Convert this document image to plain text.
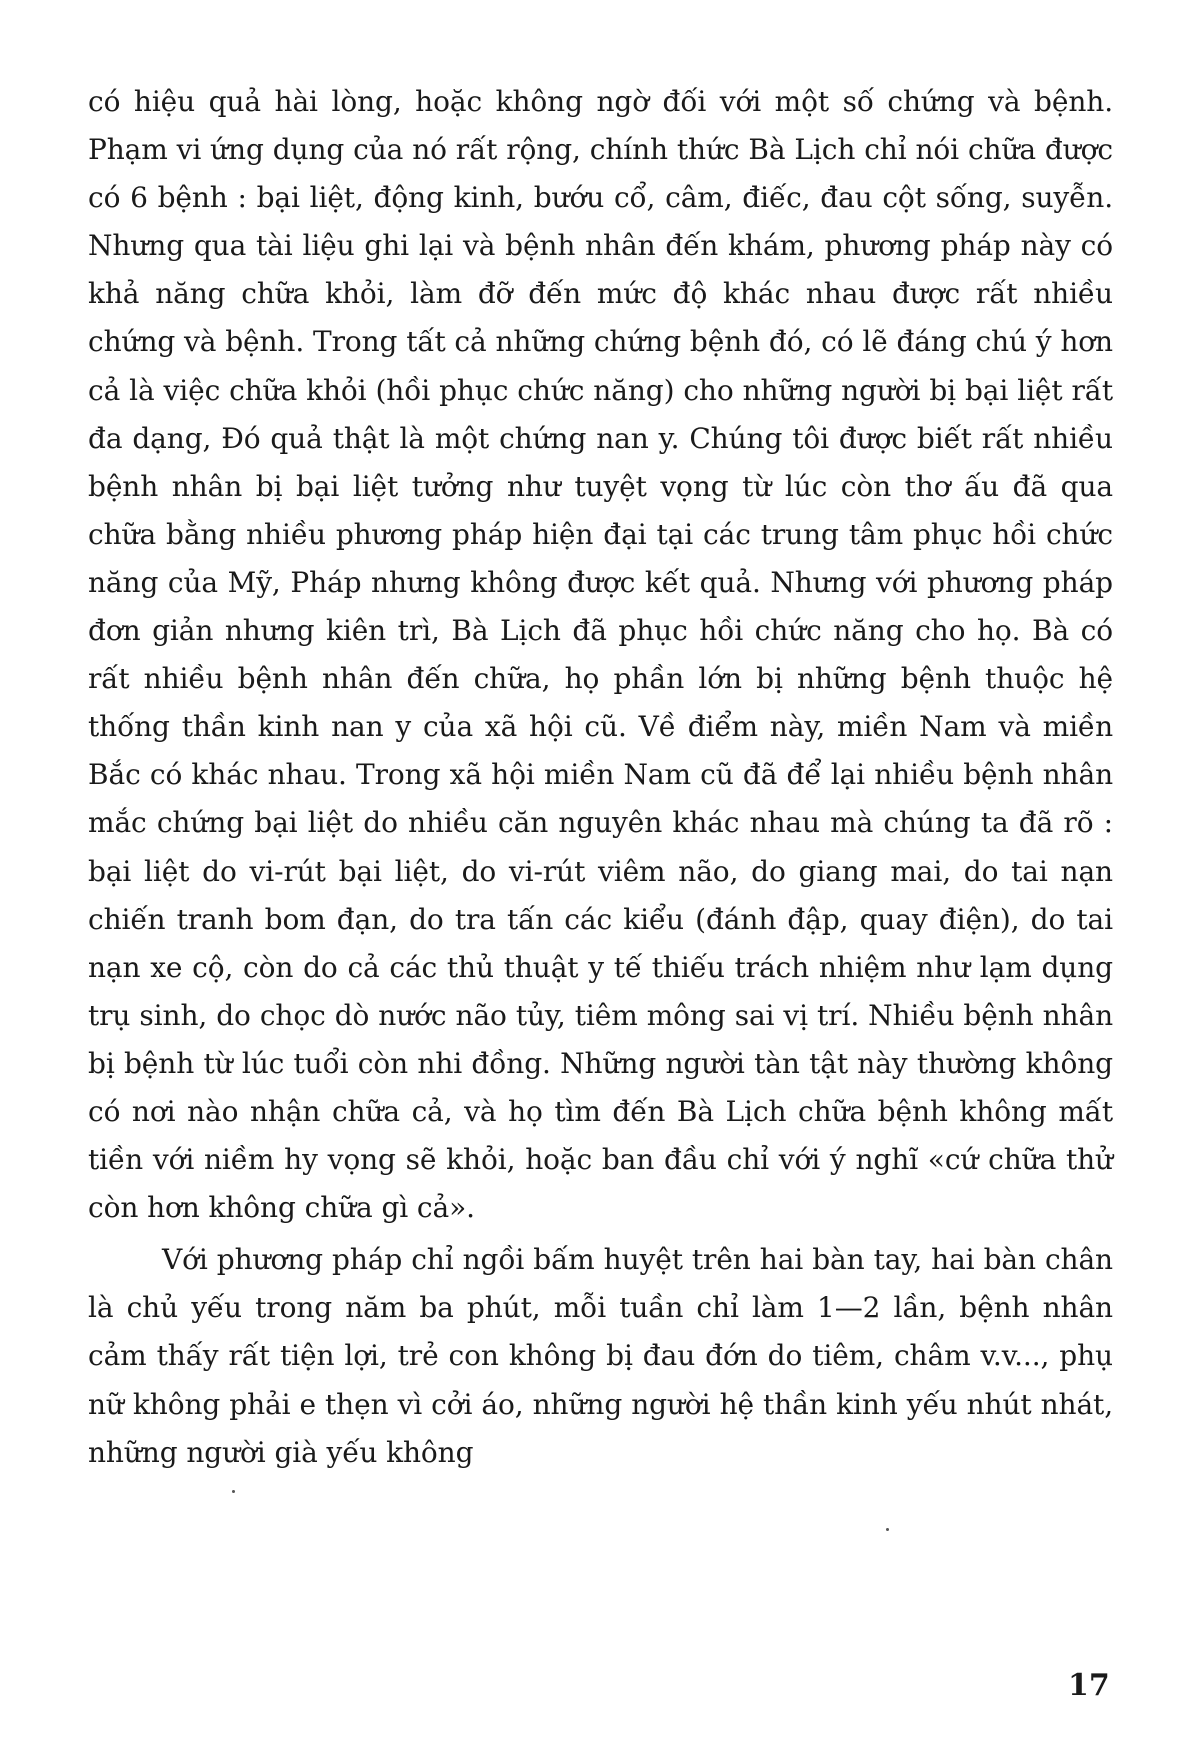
có hiệu quả hài lòng, hoặc không ngờ đối với một số chứng và bệnh. Phạm vi ứng dụng của nó rất rộng, chính thức Bà Lịch chỉ nói chữa được có 6 bệnh : bại liệt, động kinh, bướu cổ, câm, điếc, đau cột sống, suyễn. Nhưng qua tài liệu ghi lại và bệnh nhân đến khám, phương pháp này có khả năng chữa khỏi, làm đỡ đến mức độ khác nhau được rất nhiều chứng và bệnh. Trong tất cả những chứng bệnh đó, có lẽ đáng chú ý hơn cả là việc chữa khỏi (hồi phục chức năng) cho những người bị bại liệt rất đa dạng, Đó quả thật là một chứng nan y. Chúng tôi được biết rất nhiều bệnh nhân bị bại liệt tưởng như tuyệt vọng từ lúc còn thơ ấu đã qua chữa bằng nhiều phương pháp hiện đại tại các trung tâm phục hồi chức năng của Mỹ, Pháp nhưng không được kết quả. Nhưng với phương pháp đơn giản nhưng kiên trì, Bà Lịch đã phục hồi chức năng cho họ. Bà có rất nhiều bệnh nhân đến chữa, họ phần lớn bị những bệnh thuộc hệ thống thần kinh nan y của xã hội cũ. Về điểm này, miền Nam và miền Bắc có khác nhau. Trong xã hội miền Nam cũ đã để lại nhiều bệnh nhân mắc chứng bại liệt do nhiều căn nguyên khác nhau mà chúng ta đã rõ : bại liệt do vi-rút bại liệt, do vi-rút viêm não, do giang mai, do tai nạn chiến tranh bom đạn, do tra tấn các kiểu (đánh đập, quay điện), do tai nạn xe cộ, còn do cả các thủ thuật y tế thiếu trách nhiệm như lạm dụng trụ sinh, do chọc dò nước não tủy, tiêm mông sai vị trí. Nhiều bệnh nhân bị bệnh từ lúc tuổi còn nhi đồng. Những người tàn tật này thường không có nơi nào nhận chữa cả, và họ tìm đến Bà Lịch chữa bệnh không mất tiền với niềm hy vọng sẽ khỏi, hoặc ban đầu chỉ với ý nghĩ «cứ chữa thử còn hơn không chữa gì cả».

Với phương pháp chỉ ngồi bấm huyệt trên hai bàn tay, hai bàn chân là chủ yếu trong năm ba phút, mỗi tuần chỉ làm 1—2 lần, bệnh nhân cảm thấy rất tiện lợi, trẻ con không bị đau đớn do tiêm, châm v.v..., phụ nữ không phải e thẹn vì cởi áo, những người hệ thần kinh yếu nhút nhát, những người già yếu không

17
